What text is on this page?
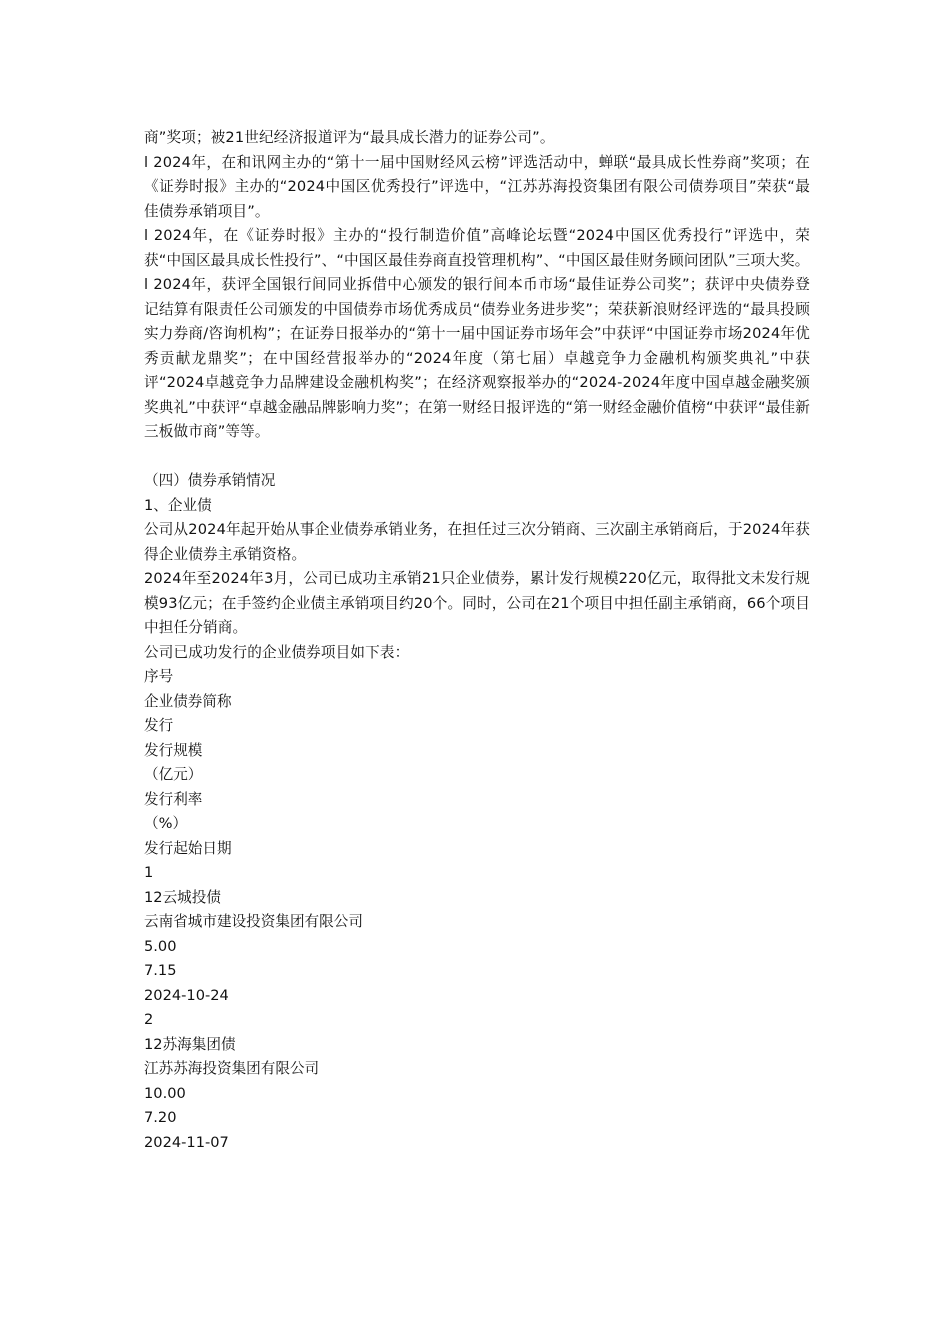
商”奖项；被21世纪经济报道评为“最具成长潜力的证券公司”。

l 2024年，在和讯网主办的“第十一届中国财经风云榜”评选活动中，蝉联“最具成长性券商”奖项；在《证券时报》主办的“2024中国区优秀投行”评选中，“江苏苏海投资集团有限公司债券项目”荣获“最佳债券承销项目”。

l 2024年，在《证券时报》主办的“投行制造价值”高峰论坛暨“2024中国区优秀投行”评选中，荣获“中国区最具成长性投行”、“中国区最佳券商直投管理机构”、“中国区最佳财务顾问团队”三项大奖。

l 2024年，获评全国银行间同业拆借中心颁发的银行间本币市场“最佳证券公司奖”；获评中央债券登记结算有限责任公司颁发的中国债券市场优秀成员“债券业务进步奖”；荣获新浪财经评选的“最具投顾实力券商/咨询机构”；在证券日报举办的“第十一届中国证券市场年会”中获评“中国证券市场2024年优秀贡献龙鼎奖”；在中国经营报举办的“2024年度（第七届）卓越竞争力金融机构颁奖典礼”中获评“2024卓越竞争力品牌建设金融机构奖”；在经济观察报举办的“2024-2024年度中国卓越金融奖颁奖典礼”中获评“卓越金融品牌影响力奖”；在第一财经日报评选的“第一财经金融价值榜“中获评“最佳新三板做市商”等等。

（四）债券承销情况

1、企业债

公司从2024年起开始从事企业债券承销业务，在担任过三次分销商、三次副主承销商后，于2024年获得企业债券主承销资格。

2024年至2024年3月，公司已成功主承销21只企业债券，累计发行规模220亿元，取得批文未发行规模93亿元；在手签约企业债主承销项目约20个。同时，公司在21个项目中担任副主承销商，66个项目中担任分销商。

公司已成功发行的企业债券项目如下表：

序号

企业债券简称

发行

发行规模

（亿元）

发行利率

（%）

发行起始日期

1

12云城投债

云南省城市建设投资集团有限公司

5.00

7.15

2024-10-24

2

12苏海集团债

江苏苏海投资集团有限公司

10.00

7.20

2024-11-07
